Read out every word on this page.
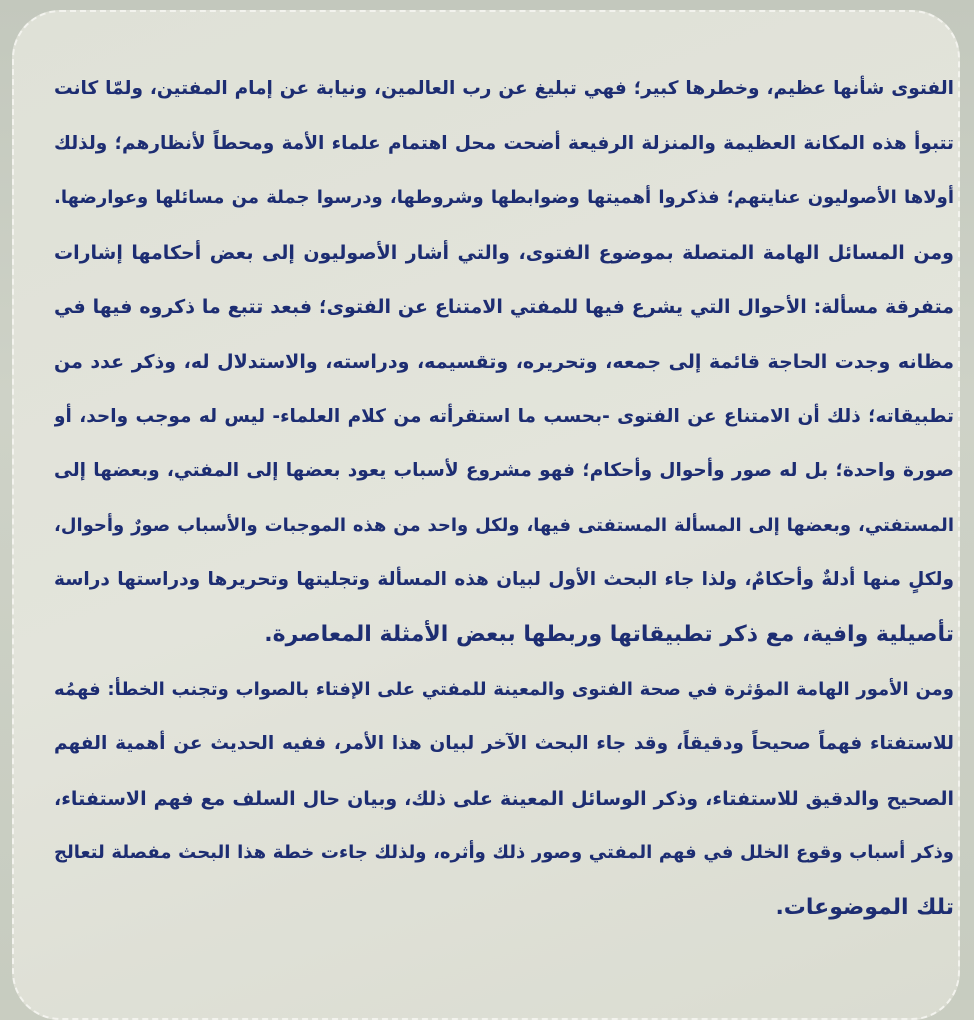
الفتوى شأنها عظيم، وخطرها كبير؛ فهي تبليغ عن رب العالمين، ونيابة عن إمام المفتين، ولمّا كانت
تتبوأ هذه المكانة العظيمة والمنزلة الرفيعة أضحت محل اهتمام علماء الأمة ومحطاً لأنظارهم؛ ولذلك
أولاها الأصوليون عنايتهم؛ فذكروا أهميتها وضوابطها وشروطها، ودرسوا جملة من مسائلها وعوارضها.
ومن المسائل الهامة المتصلة بموضوع الفتوى، والتي أشار الأصوليون إلى بعض أحكامها إشارات
متفرقة مسألة: الأحوال التي يشرع فيها للمفتي الامتناع عن الفتوى؛ فبعد تتبع ما ذكروه فيها في
مظانه وجدت الحاجة قائمة إلى جمعه، وتحريره، وتقسيمه، ودراسته، والاستدلال له، وذكر عدد من
تطبيقاته؛ ذلك أن الامتناع عن الفتوى -بحسب ما استقرأته من كلام العلماء- ليس له موجب واحد، أو
صورة واحدة؛ بل له صور وأحوال وأحكام؛ فهو مشروع لأسباب يعود بعضها إلى المفتي، وبعضها إلى
المستفتي، وبعضها إلى المسألة المستفتى فيها، ولكل واحد من هذه الموجبات والأسباب صورٌ وأحوال،
ولكلٍ منها أدلةٌ وأحكامٌ، ولذا جاء البحث الأول لبيان هذه المسألة وتجليتها وتحريرها ودراستها دراسة
تأصيلية وافية، مع ذكر تطبيقاتها وربطها ببعض الأمثلة المعاصرة.
ومن الأمور الهامة المؤثرة في صحة الفتوى والمعينة للمفتي على الإفتاء بالصواب وتجنب الخطأ: فهمُه
للاستفتاء فهماً صحيحاً ودقيقاً، وقد جاء البحث الآخر لبيان هذا الأمر، ففيه الحديث عن أهمية الفهم
الصحيح والدقيق للاستفتاء، وذكر الوسائل المعينة على ذلك، وبيان حال السلف مع فهم الاستفتاء،
وذكر أسباب وقوع الخلل في فهم المفتي وصور ذلك وأثره، ولذلك جاءت خطة هذا البحث مفصلة لتعالج
تلك الموضوعات.
